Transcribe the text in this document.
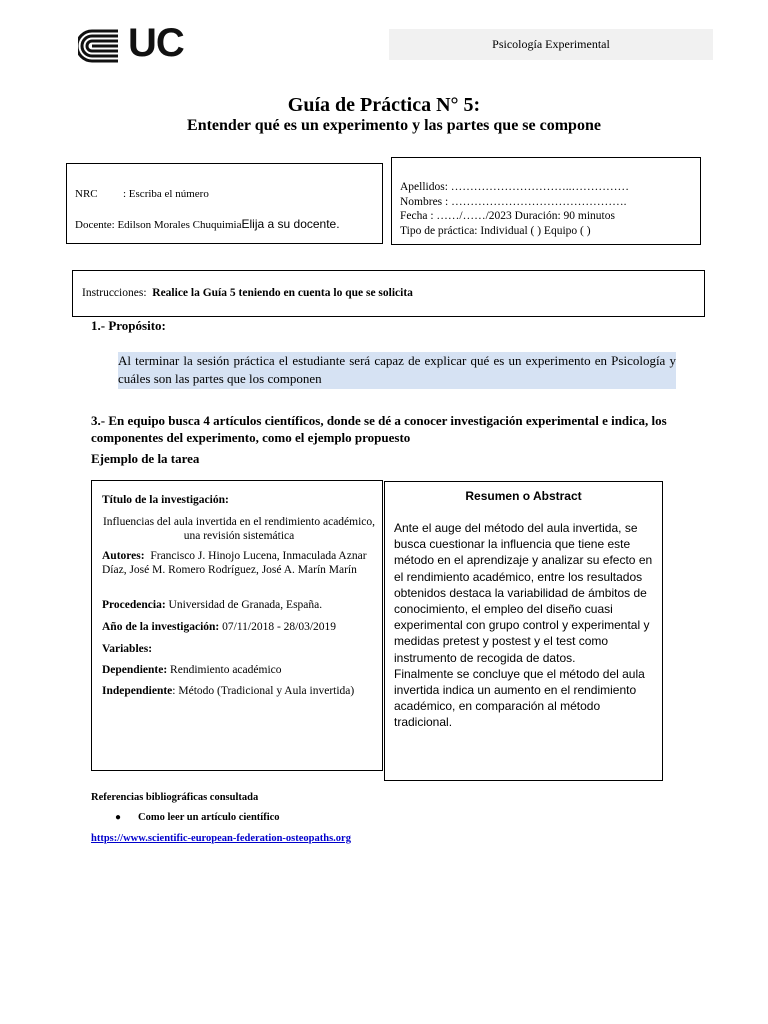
UC	Psicología Experimental
Guía de Práctica N° 5:
Entender qué es un experimento y las partes que se compone
NRC : Escriba el número
Docente: Edilson Morales ChuquimiaElija a su docente.
Apellidos: …………………………..……………
Nombres : ……………………………………….
Fecha : ……/……/2023 Duración: 90 minutos
Tipo de práctica: Individual ( ) Equipo ( )
Instrucciones: Realice la Guía 5 teniendo en cuenta lo que se solicita
1.- Propósito:
Al terminar la sesión práctica el estudiante será capaz de explicar qué es un experimento en Psicología y cuáles son las partes que los componen
3.- En equipo busca 4 artículos científicos, donde se dé a conocer investigación experimental e indica, los componentes del experimento, como el ejemplo propuesto
Ejemplo de la tarea
Título de la investigación:
Influencias del aula invertida en el rendimiento académico, una revisión sistemática
Autores: Francisco J. Hinojo Lucena, Inmaculada Aznar Díaz, José M. Romero Rodríguez, José A. Marín Marín
Procedencia: Universidad de Granada, España.
Año de la investigación: 07/11/2018 - 28/03/2019
Variables:
Dependiente: Rendimiento académico
Independiente: Método (Tradicional y Aula invertida)
Resumen o Abstract

Ante el auge del método del aula invertida, se busca cuestionar la influencia que tiene este método en el aprendizaje y analizar su efecto en el rendimiento académico, entre los resultados obtenidos destaca la variabilidad de ámbitos de conocimiento, el empleo del diseño cuasi experimental con grupo control y experimental y medidas pretest y postest y el test como instrumento de recogida de datos.

Finalmente se concluye que el método del aula invertida indica un aumento en el rendimiento académico, en comparación al método tradicional.

Referencias bibliográficas consultada
● Como leer un artículo científico
https://www.scientific-european-federation-osteopaths.org
